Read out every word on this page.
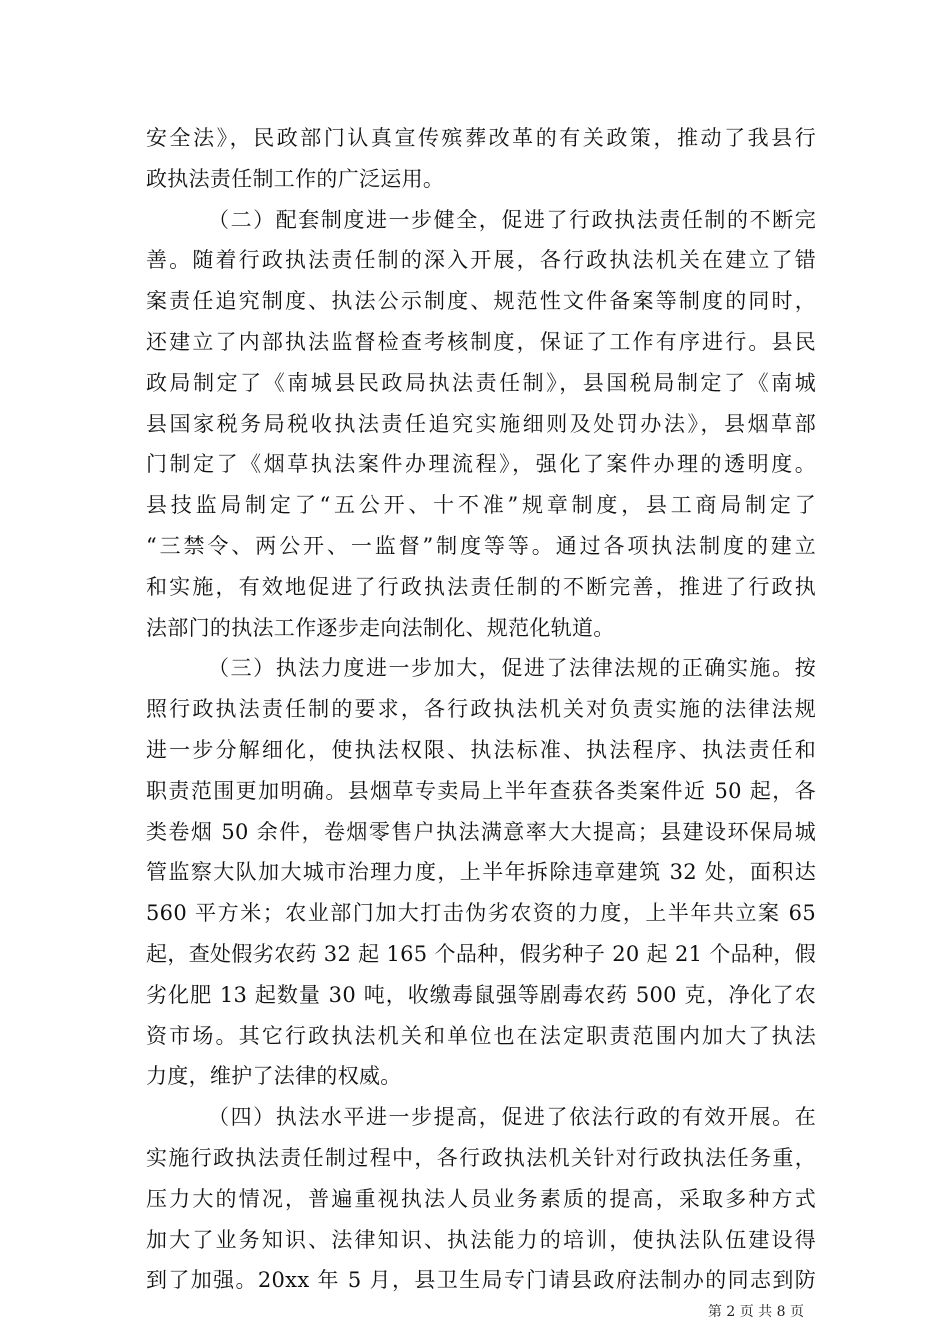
安全法》，民政部门认真宣传殡葬改革的有关政策，推动了我县行
政执法责任制工作的广泛运用。
（二）配套制度进一步健全，促进了行政执法责任制的不断完
善。随着行政执法责任制的深入开展，各行政执法机关在建立了错
案责任追究制度、执法公示制度、规范性文件备案等制度的同时，
还建立了内部执法监督检查考核制度，保证了工作有序进行。县民
政局制定了《南城县民政局执法责任制》，县国税局制定了《南城
县国家税务局税收执法责任追究实施细则及处罚办法》，县烟草部
门制定了《烟草执法案件办理流程》，强化了案件办理的透明度。
县技监局制定了“五公开、十不准”规章制度，县工商局制定了
“三禁令、两公开、一监督”制度等等。通过各项执法制度的建立
和实施，有效地促进了行政执法责任制的不断完善，推进了行政执
法部门的执法工作逐步走向法制化、规范化轨道。
（三）执法力度进一步加大，促进了法律法规的正确实施。按
照行政执法责任制的要求，各行政执法机关对负责实施的法律法规
进一步分解细化，使执法权限、执法标准、执法程序、执法责任和
职责范围更加明确。县烟草专卖局上半年查获各类案件近 50 起，各
类卷烟 50 余件，卷烟零售户执法满意率大大提高；县建设环保局城
管监察大队加大城市治理力度，上半年拆除违章建筑 32 处，面积达
560 平方米；农业部门加大打击伪劣农资的力度，上半年共立案 65
起，查处假劣农药 32 起 165 个品种，假劣种子 20 起 21 个品种，假
劣化肥 13 起数量 30 吨，收缴毒鼠强等剧毒农药 500 克，净化了农
资市场。其它行政执法机关和单位也在法定职责范围内加大了执法
力度，维护了法律的权威。
（四）执法水平进一步提高，促进了依法行政的有效开展。在
实施行政执法责任制过程中，各行政执法机关针对行政执法任务重，
压力大的情况，普遍重视执法人员业务素质的提高，采取多种方式
加大了业务知识、法律知识、执法能力的培训，使执法队伍建设得
到了加强。20xx 年 5 月，县卫生局专门请县政府法制办的同志到防
第 2 页 共 8 页
